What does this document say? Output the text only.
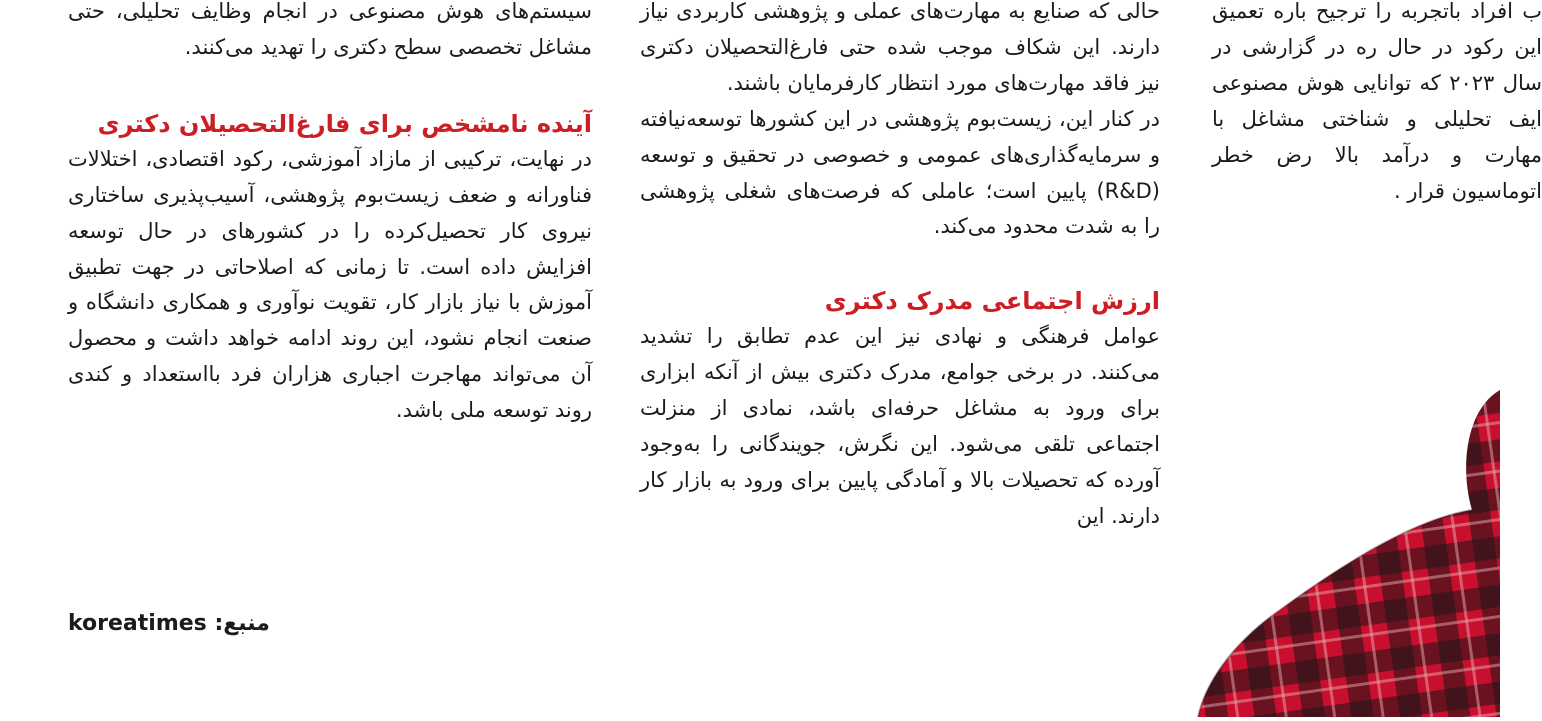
سیستم‌های هوش مصنوعی در انجام وظایف تحلیلی، حتی مشاغل تخصصی سطح دکتری را تهدید می‌کنند.

آینده نامشخص برای فارغ‌التحصیلان دکتری

در نهایت، ترکیبی از مازاد آموزشی، رکود اقتصادی، اختلالات فناورانه و ضعف زیست‌بوم پژوهشی، آسیب‌پذیری ساختاری نیروی کار تحصیل‌کرده را در کشورهای در حال توسعه افزایش داده است. تا زمانی که اصلاحاتی در جهت تطبیق آموزش با نیاز بازار کار، تقویت نوآوری و همکاری دانشگاه و صنعت انجام نشود، این روند ادامه خواهد داشت و محصول آن می‌تواند مهاجرت اجباری هزاران فرد بااستعداد و کندی روند توسعه ملی باشد.

منبع: koreatimes

حالی که صنایع به مهارت‌های عملی و پژوهشی کاربردی نیاز دارند. این شکاف موجب شده حتی فارغ‌التحصیلان دکتری نیز فاقد مهارت‌های مورد انتظار کارفرمایان باشند.

در کنار این، زیست‌بوم پژوهشی در این کشورها توسعه‌نیافته و سرمایه‌گذاری‌های عمومی و خصوصی در تحقیق و توسعه (R&D) پایین است؛ عاملی که فرصت‌های شغلی پژوهشی را به شدت محدود می‌کند.

ارزش اجتماعی مدرک دکتری

عوامل فرهنگی و نهادی نیز این عدم تطابق را تشدید می‌کنند. در برخی جوامع، مدرک دکتری بیش از آنکه ابزاری برای ورود به مشاغل حرفه‌ای باشد، نمادی از منزلت اجتماعی تلقی می‌شود. این نگرش، جویندگانی را به‌وجود آورده که تحصیلات بالا و آمادگی پایین برای ورود به بازار کار دارند. این

ب افراد باتجربه را ترجیح باره تعمیق این رکود در حال ره در گزارشی در سال ۲۰۲۳ که توانایی هوش مصنوعی ایف تحلیلی و شناختی مشاغل با مهارت و درآمد بالا رض خطر اتوماسیون قرار .
